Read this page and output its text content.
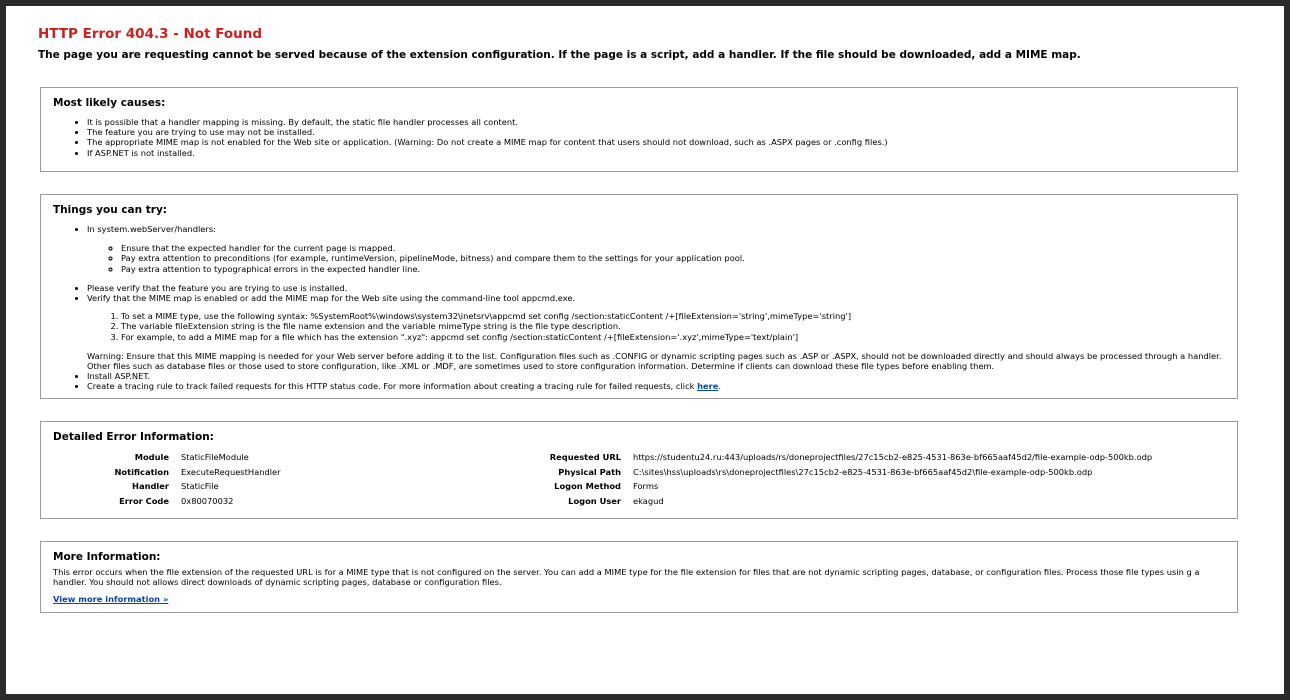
HTTP Error 404.3 - Not Found
The page you are requesting cannot be served because of the extension configuration. If the page is a script, add a handler. If the file should be downloaded, add a MIME map.
Most likely causes:
• It is possible that a handler mapping is missing. By default, the static file handler processes all content.
• The feature you are trying to use may not be installed.
• The appropriate MIME map is not enabled for the Web site or application. (Warning: Do not create a MIME map for content that users should not download, such as .ASPX pages or .config files.)
• If ASP.NET is not installed.
Things you can try:
• In system.webServer/handlers:
◦ Ensure that the expected handler for the current page is mapped.
◦ Pay extra attention to preconditions (for example, runtimeVersion, pipelineMode, bitness) and compare them to the settings for your application pool.
◦ Pay extra attention to typographical errors in the expected handler line.
• Please verify that the feature you are trying to use is installed.
• Verify that the MIME map is enabled or add the MIME map for the Web site using the command-line tool appcmd.exe.
1. To set a MIME type, use the following syntax: %SystemRoot%\windows\system32\inetsrv\appcmd set config /section:staticContent /+[fileExtension='string',mimeType='string']
2. The variable fileExtension string is the file name extension and the variable mimeType string is the file type description.
3. For example, to add a MIME map for a file which has the extension ".xyz": appcmd set config /section:staticContent /+[fileExtension='.xyz',mimeType='text/plain']
Warning: Ensure that this MIME mapping is needed for your Web server before adding it to the list. Configuration files such as .CONFIG or dynamic scripting pages such as .ASP or .ASPX, should not be downloaded directly and should always be processed through a handler. Other files such as database files or those used to store configuration, like .XML or .MDF, are sometimes used to store configuration information. Determine if clients can download these file types before enabling them.
• Install ASP.NET.
• Create a tracing rule to track failed requests for this HTTP status code. For more information about creating a tracing rule for failed requests, click here.
Detailed Error Information:
Module	StaticFileModule
Notification	ExecuteRequestHandler
Handler	StaticFile
Error Code	0x80070032
Requested URL	https://studentu24.ru:443/uploads/rs/doneprojectfiles/27c15cb2-e825-4531-863e-bf665aaf45d2/file-example-odp-500kb.odp
Physical Path	C:\sites\hss\uploads\rs\doneprojectfiles\27c15cb2-e825-4531-863e-bf665aaf45d2\file-example-odp-500kb.odp
Logon Method	Forms
Logon User	ekagud
More Information:
This error occurs when the file extension of the requested URL is for a MIME type that is not configured on the server. You can add a MIME type for the file extension for files that are not dynamic scripting pages, database, or configuration files. Process those file types usin g a handler. You should not allows direct downloads of dynamic scripting pages, database or configuration files.
View more information »
